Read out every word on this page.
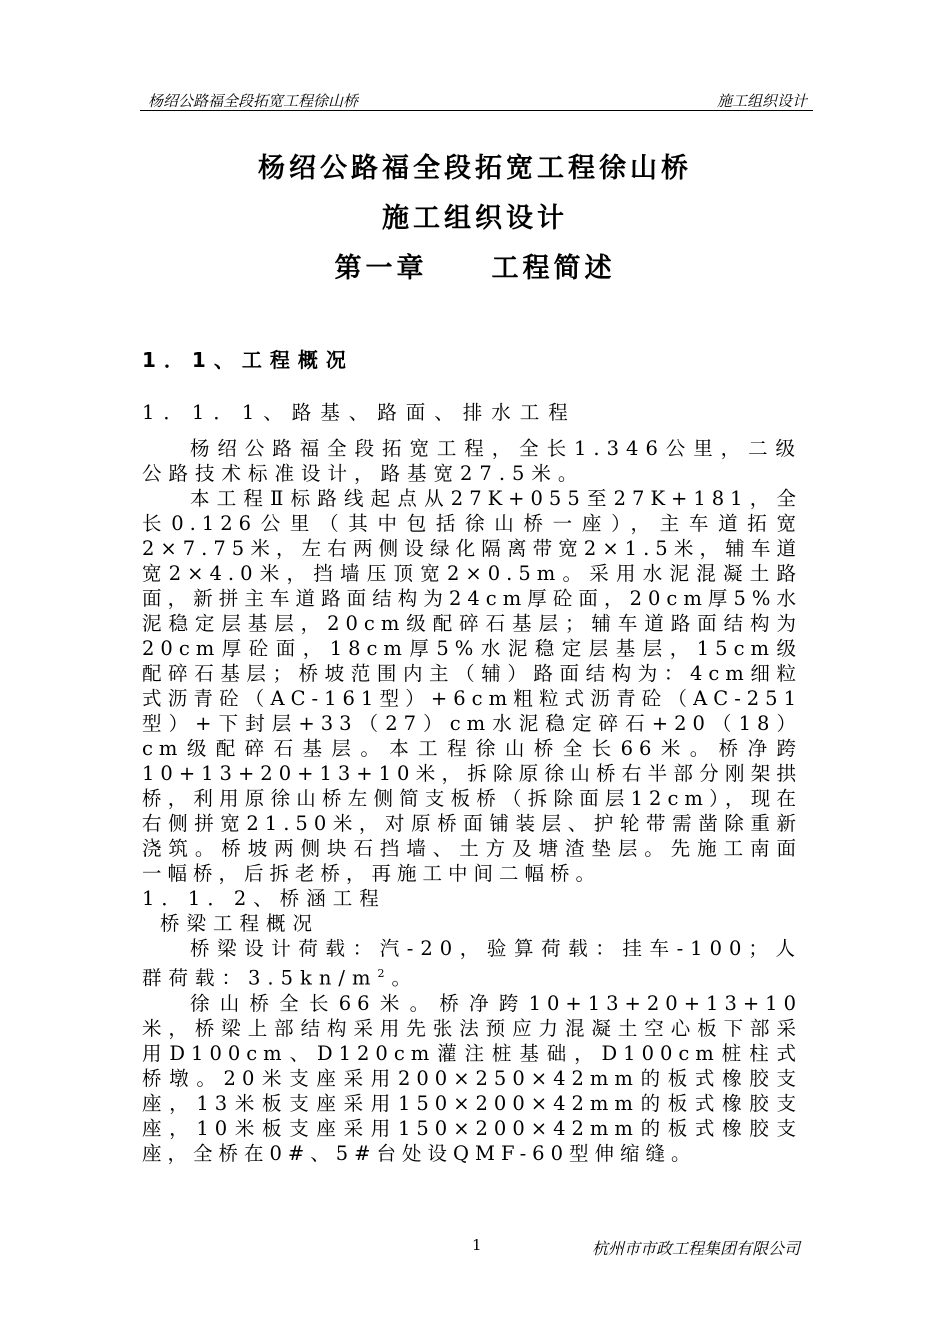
杨绍公路福全段拓宽工程徐山桥	施工组织设计
杨绍公路福全段拓宽工程徐山桥
施工组织设计
第一章 工程简述
1．1、工程概况
1．1．1、路基、路面、排水工程

杨绍公路福全段拓宽工程，全长1.346公里，二级公路技术标准设计，路基宽27.5米。

本工程Ⅱ标路线起点从27K+055至27K+181，全长0.126公里（其中包括徐山桥一座），主车道拓宽2×7.75米，左右两侧设绿化隔离带宽2×1.5米，辅车道宽2×4.0米，挡墙压顶宽2×0.5m。采用水泥混凝土路面，新拼主车道路面结构为24cm厚砼面，20cm厚5%水泥稳定层基层，20cm级配碎石基层；辅车道路面结构为20cm厚砼面，18cm厚5%水泥稳定层基层，15cm级配碎石基层；桥坡范围内主（辅）路面结构为：4cm细粒式沥青砼（AC-161型）+6cm粗粒式沥青砼（AC-251型）+下封层+33（27）cm水泥稳定碎石+20（18）cm级配碎石基层。本工程徐山桥全长66米。桥净跨10+13+20+13+10米，拆除原徐山桥右半部分刚架拱桥，利用原徐山桥左侧简支板桥（拆除面层12cm），现在右侧拼宽21.50米，对原桥面铺装层、护轮带需凿除重新浇筑。桥坡两侧块石挡墙、土方及塘渣垫层。先施工南面一幅桥，后拆老桥，再施工中间二幅桥。

1．1．2、桥涵工程

桥梁工程概况

桥梁设计荷载：汽-20，验算荷载：挂车-100；人群荷载：$3.5kn/m^2$。

徐山桥全长66米。桥净跨10+13+20+13+10米，桥梁上部结构采用先张法预应力混凝土空心板下部采用D100cm、D120cm灌注桩基础，D100cm桩柱式桥墩。20米支座采用200×250×42mm的板式橡胶支座，13米板支座采用150×200×42mm的板式橡胶支座，10米板支座采用150×200×42mm的板式橡胶支座，全桥在0#、5#台处设QMF-60型伸缩缝。

1	杭州市市政工程集团有限公司
